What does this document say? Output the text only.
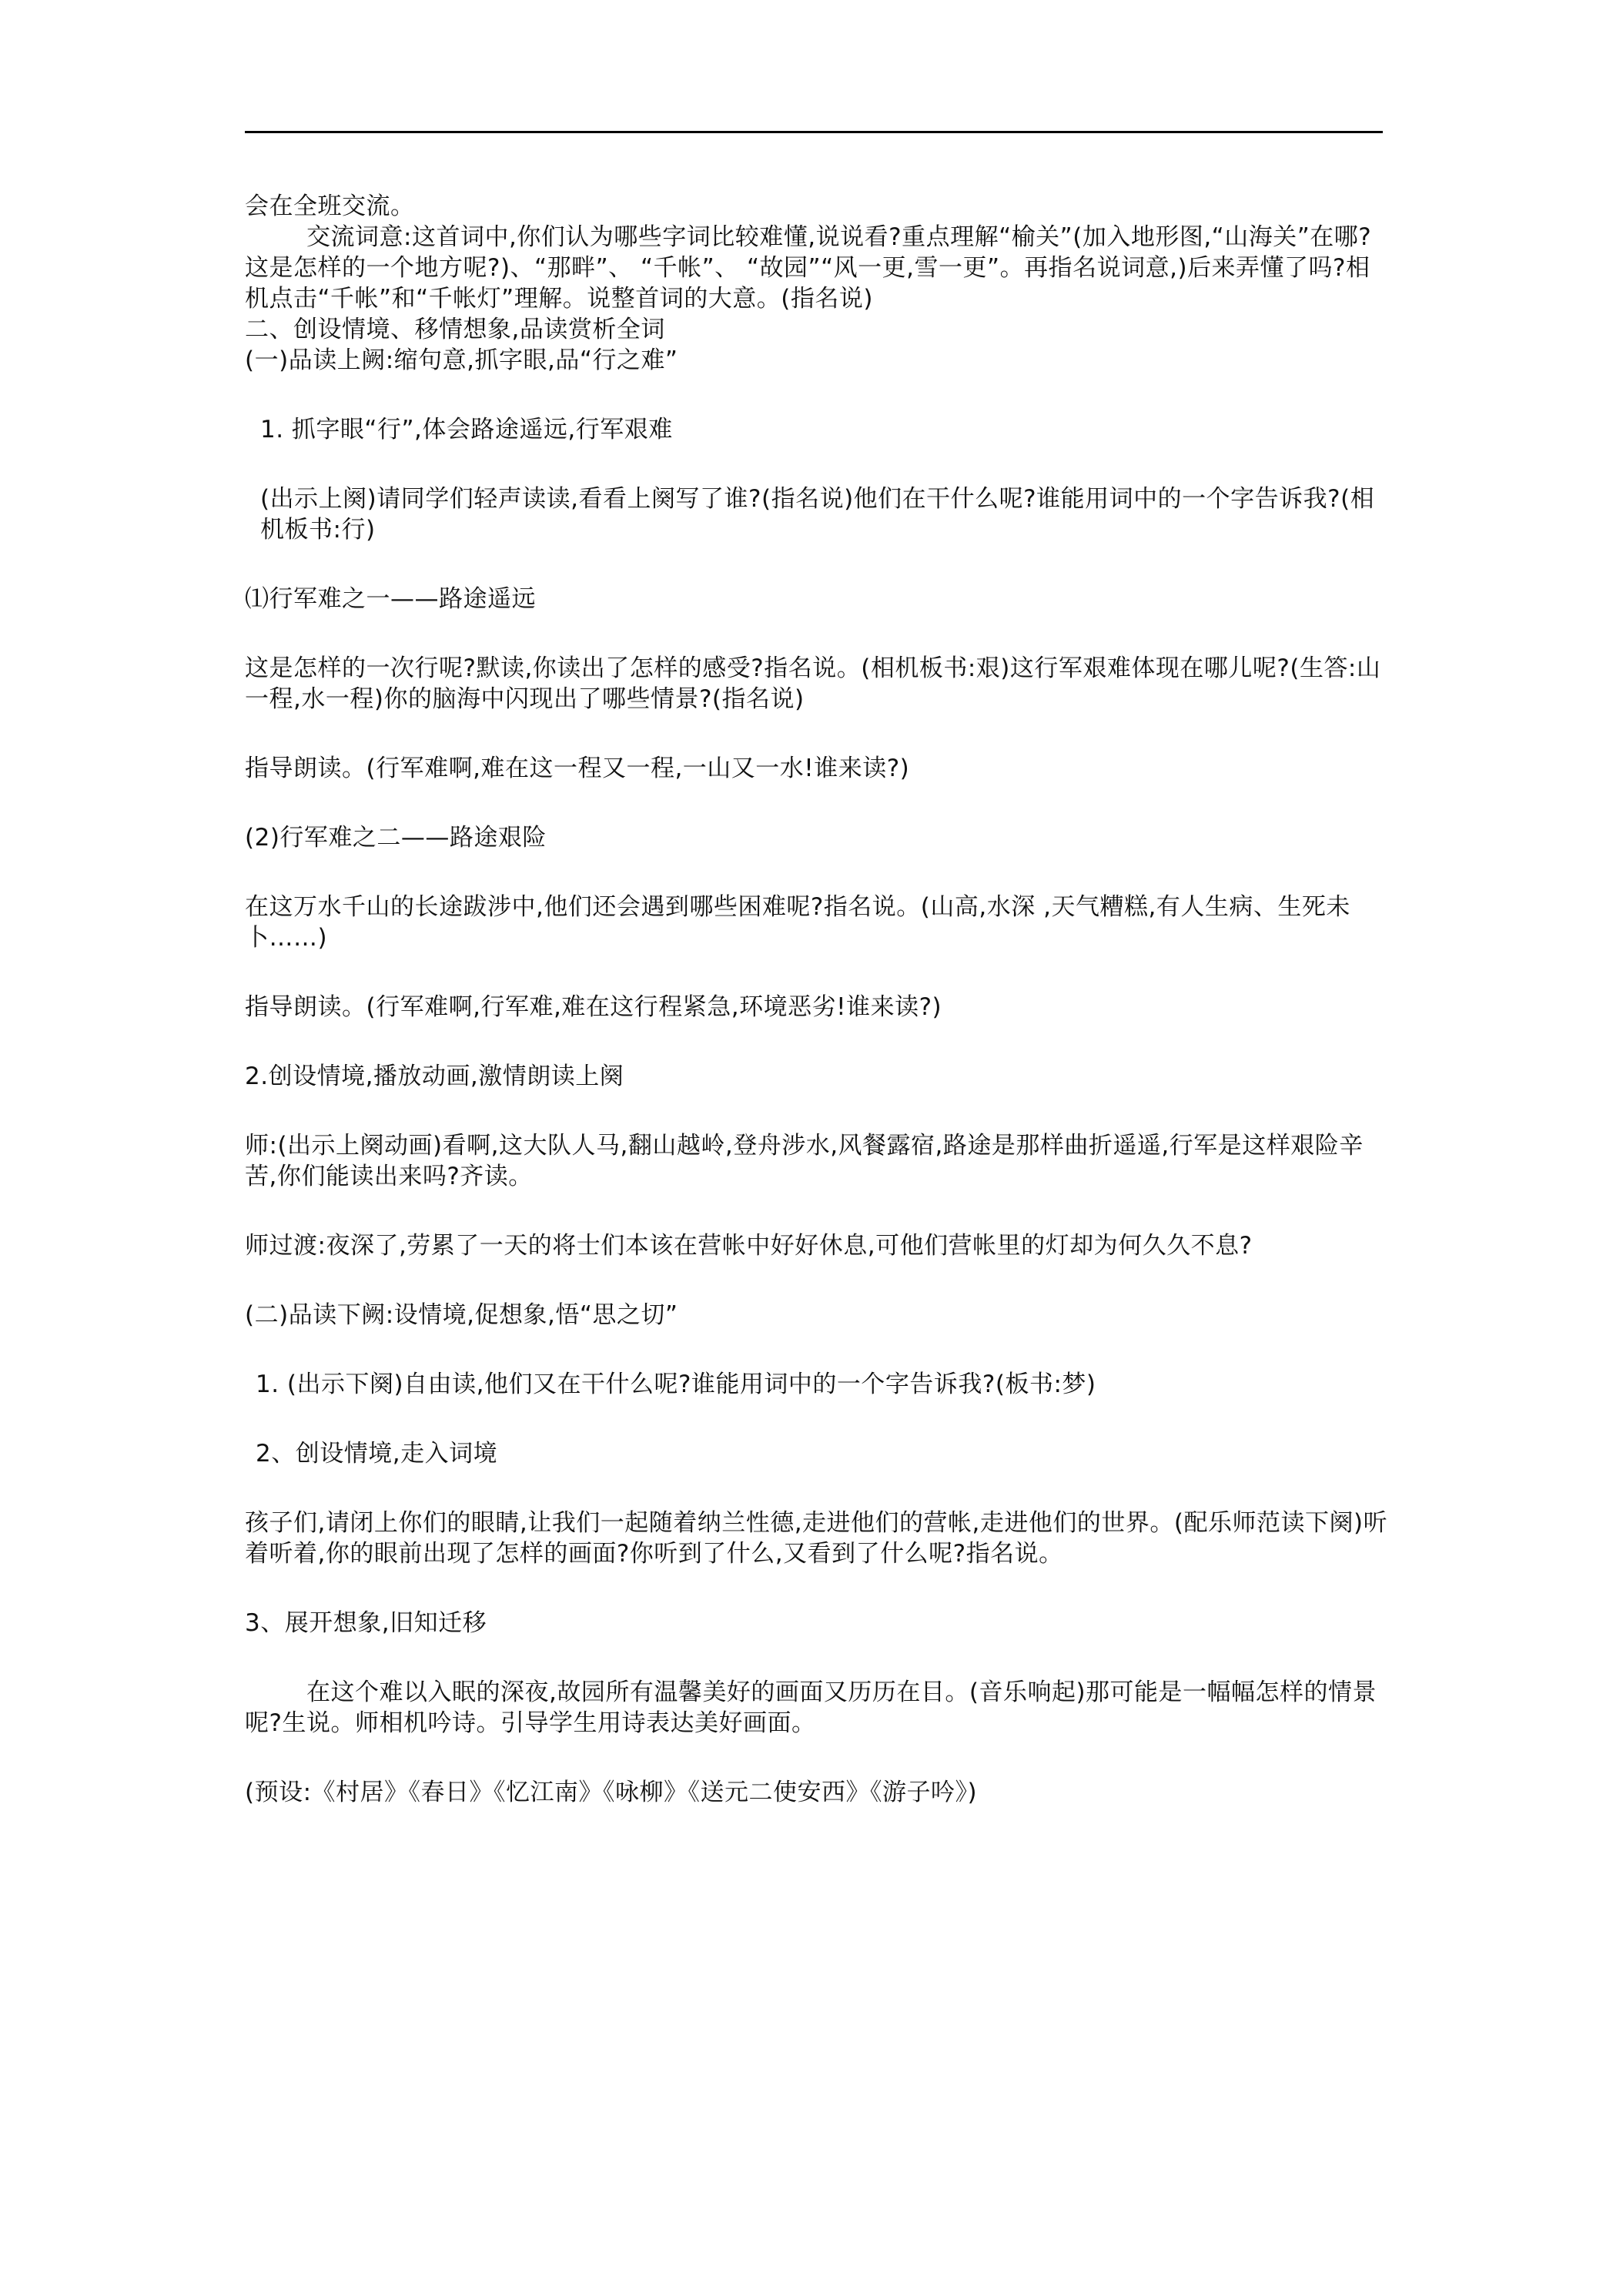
会在全班交流。

交流词意:这首词中,你们认为哪些字词比较难懂,说说看?重点理解“榆关”(加入地形图,“山海关”在哪?这是怎样的一个地方呢?)、“那畔”、 “千帐”、 “故园”“风一更,雪一更”。再指名说词意,)后来弄懂了吗?相机点击“千帐”和“千帐灯”理解。说整首词的大意。(指名说)

二、创设情境、移情想象,品读赏析全词

(一)品读上阙:缩句意,抓字眼,品“行之难”

1. 抓字眼“行”,体会路途遥远,行军艰难

(出示上阕)请同学们轻声读读,看看上阕写了谁?(指名说)他们在干什么呢?谁能用词中的一个字告诉我?(相机板书:行)

⑴行军难之一——路途遥远

这是怎样的一次行呢?默读,你读出了怎样的感受?指名说。(相机板书:艰)这行军艰难体现在哪儿呢?(生答:山一程,水一程)你的脑海中闪现出了哪些情景?(指名说)

指导朗读。(行军难啊,难在这一程又一程,一山又一水!谁来读?)

(2)行军难之二——路途艰险

在这万水千山的长途跋涉中,他们还会遇到哪些困难呢?指名说。(山高,水深 ,天气糟糕,有人生病、生死未卜……)

指导朗读。(行军难啊,行军难,难在这行程紧急,环境恶劣!谁来读?)

2.创设情境,播放动画,激情朗读上阕

师:(出示上阕动画)看啊,这大队人马,翻山越岭,登舟涉水,风餐露宿,路途是那样曲折遥遥,行军是这样艰险辛苦,你们能读出来吗?齐读。

师过渡:夜深了,劳累了一天的将士们本该在营帐中好好休息,可他们营帐里的灯却为何久久不息?

(二)品读下阙:设情境,促想象,悟“思之切”

1. (出示下阕)自由读,他们又在干什么呢?谁能用词中的一个字告诉我?(板书:梦)

2、创设情境,走入词境

孩子们,请闭上你们的眼睛,让我们一起随着纳兰性德,走进他们的营帐,走进他们的世界。(配乐师范读下阕)听着听着,你的眼前出现了怎样的画面?你听到了什么,又看到了什么呢?指名说。

3、展开想象,旧知迁移

在这个难以入眠的深夜,故园所有温馨美好的画面又历历在目。(音乐响起)那可能是一幅幅怎样的情景呢?生说。师相机吟诗。引导学生用诗表达美好画面。

(预设:《村居》《春日》《忆江南》《咏柳》《送元二使安西》《游子吟》)
